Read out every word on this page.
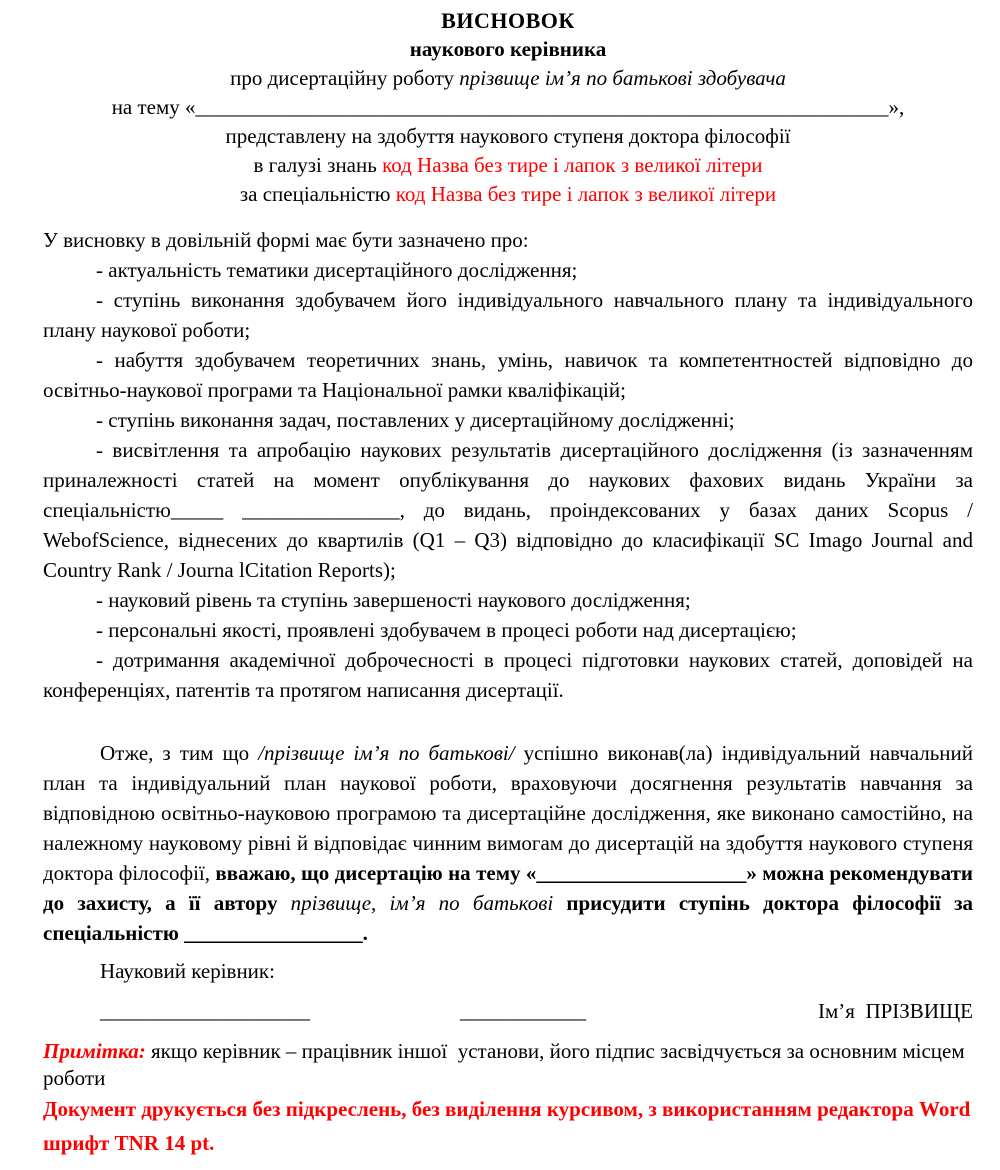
ВИСНОВОК

наукового керівника

про дисертаційну роботу прізвище ім’я по батькові здобувача

на тему «__________________________________________________________________»,

представлену на здобуття наукового ступеня доктора філософії

в галузі знань код Назва без тире і лапок з великої літери

за спеціальністю код Назва без тире і лапок з великої літери

У висновку в довільній формі має бути зазначено про:

- актуальність тематики дисертаційного дослідження;

- ступінь виконання здобувачем його індивідуального навчального плану та індивідуального плану наукової роботи;

- набуття здобувачем теоретичних знань, умінь, навичок та компетентностей відповідно до освітньо-наукової програми та Національної рамки кваліфікацій;

- ступінь виконання задач, поставлених у дисертаційному дослідженні;

- висвітлення та апробацію наукових результатів дисертаційного дослідження (із зазначенням приналежності статей на момент опублікування до наукових фахових видань України за спеціальністю_____ _______________, до видань, проіндексованих у базах даних Scopus / WebofScience, віднесених до квартилів (Q1 – Q3) відповідно до класифікації SC Imago Journal and Country Rank / Journa lCitation Reports);

- науковий рівень та ступінь завершеності наукового дослідження;

- персональні якості, проявлені здобувачем в процесі роботи над дисертацією;

- дотримання академічної доброчесності в процесі підготовки наукових статей, доповідей на конференціях, патентів та протягом написання дисертації.

Отже, з тим що /прізвище ім’я по батькові/ успішно виконав(ла) індивідуальний навчальний план та індивідуальний план наукової роботи, враховуючи досягнення результатів навчання за відповідною освітньо-науковою програмою та дисертаційне дослідження, яке виконано самостійно, на належному науковому рівні й відповідає чинним вимогам до дисертацій на здобуття наукового ступеня доктора філософії, вважаю, що дисертацію на тему «____________________» можна рекомендувати до захисту, а її автору прізвище, ім’я по батькові присудити ступінь доктора філософії за спеціальністю _________________.

Науковий керівник:

____________________	____________	Ім’я  ПРІЗВИЩЕ

Примітка: якщо керівник – працівник іншої  установи, його підпис засвідчується за основним місцем роботи

Документ друкується без підкреслень, без виділення курсивом, з використанням редактора Word шрифт TNR 14 pt.
